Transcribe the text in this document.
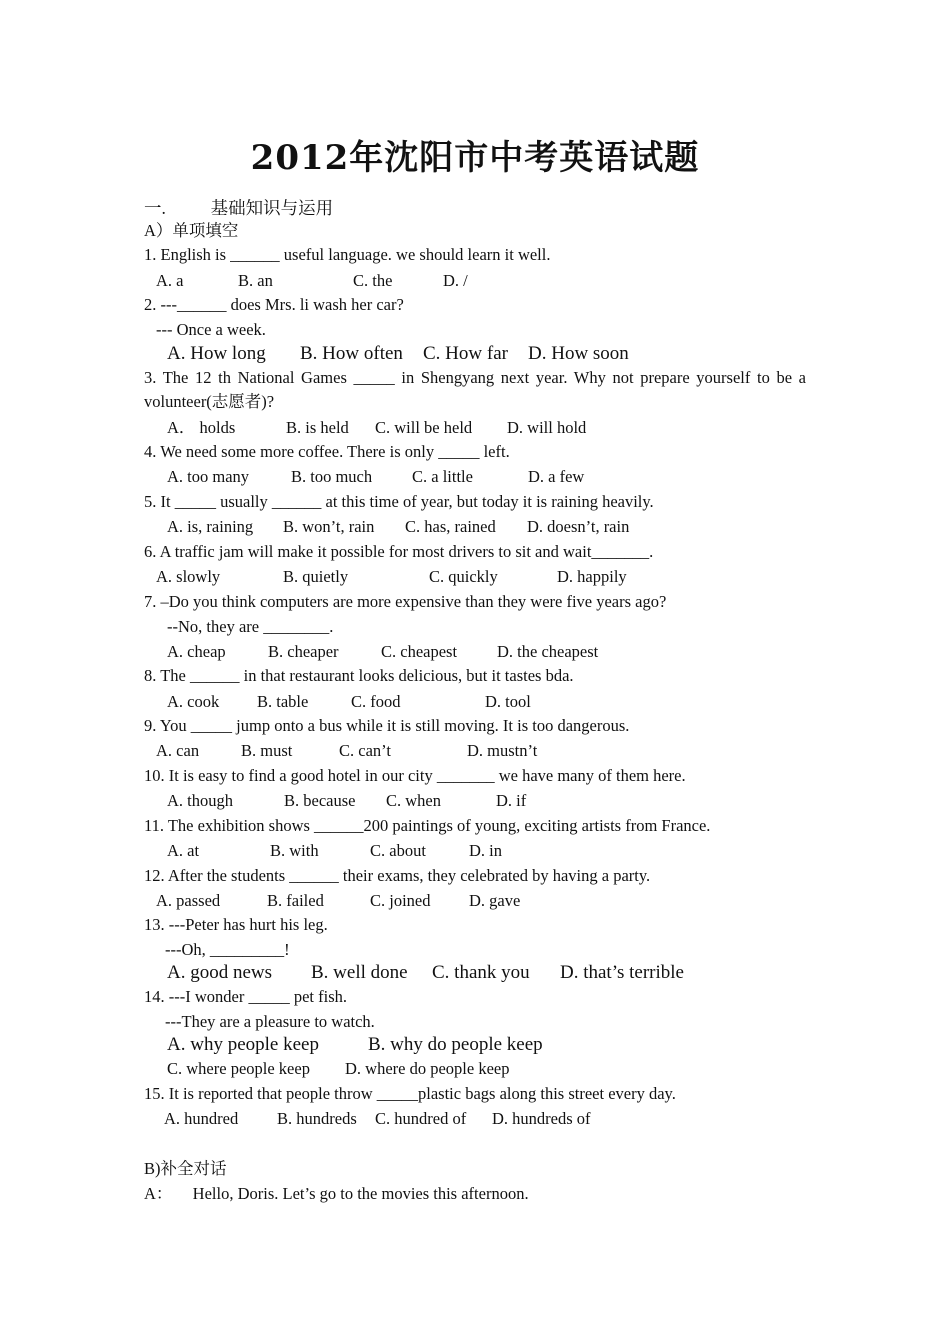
2012年沈阳市中考英语试题
一.	基础知识与运用
A）单项填空
1. English is ______ useful language. we should learn it well.
A. a	B. an	C. the	D. /
2. ---______ does Mrs. li wash her car?
--- Once a week.
A. How long B. How often C. How far D. How soon
3. The 12 th National Games _____ in Shengyang next year. Why not prepare yourself to be a
volunteer(志愿者)?
A． holds	B. is held C. will be held D. will hold
4. We need some more coffee. There is only _____ left.
A. too many	B. too much C. a little	D. a few
5. It _____ usually ______ at this time of year, but today it is raining heavily.
A. is, raining B. won’t, rain C. has, rained D. doesn’t, rain
6. A traffic jam will make it possible for most drivers to sit and wait_______.
A. slowly	B. quietly	C. quickly	D. happily
7. –Do you think computers are more expensive than they were five years ago?
--No, they are ________.
A. cheap	B. cheaper	C. cheapest D. the cheapest
8. The ______ in that restaurant looks delicious, but it tastes bda.
A. cook B. table	C. food	D. tool
9. You _____ jump onto a bus while it is still moving. It is too dangerous.
A. can	B. must	C. can’t	D. mustn’t
10. It is easy to find a good hotel in our city _______ we have many of them here.
A. though	B. because C. when	D. if
11. The exhibition shows ______200 paintings of young, exciting artists from France.
A. at	B. with	C. about	D. in
12. After the students ______ their exams, they celebrated by having a party.
A. passed	B. failed	C. joined D. gave
13. ---Peter has hurt his leg.
---Oh, _________!
A. good news B. well done C. thank you D. that’s terrible
14. ---I wonder _____ pet fish.
---They are a pleasure to watch.
A. why people keep	B. why do people keep
C. where people keep D. where do people keep
15. It is reported that people throw _____plastic bags along this street every day.
A. hundred B. hundreds C. hundred of D. hundreds of
B)补全对话
A： Hello, Doris. Let’s go to the movies this afternoon.
